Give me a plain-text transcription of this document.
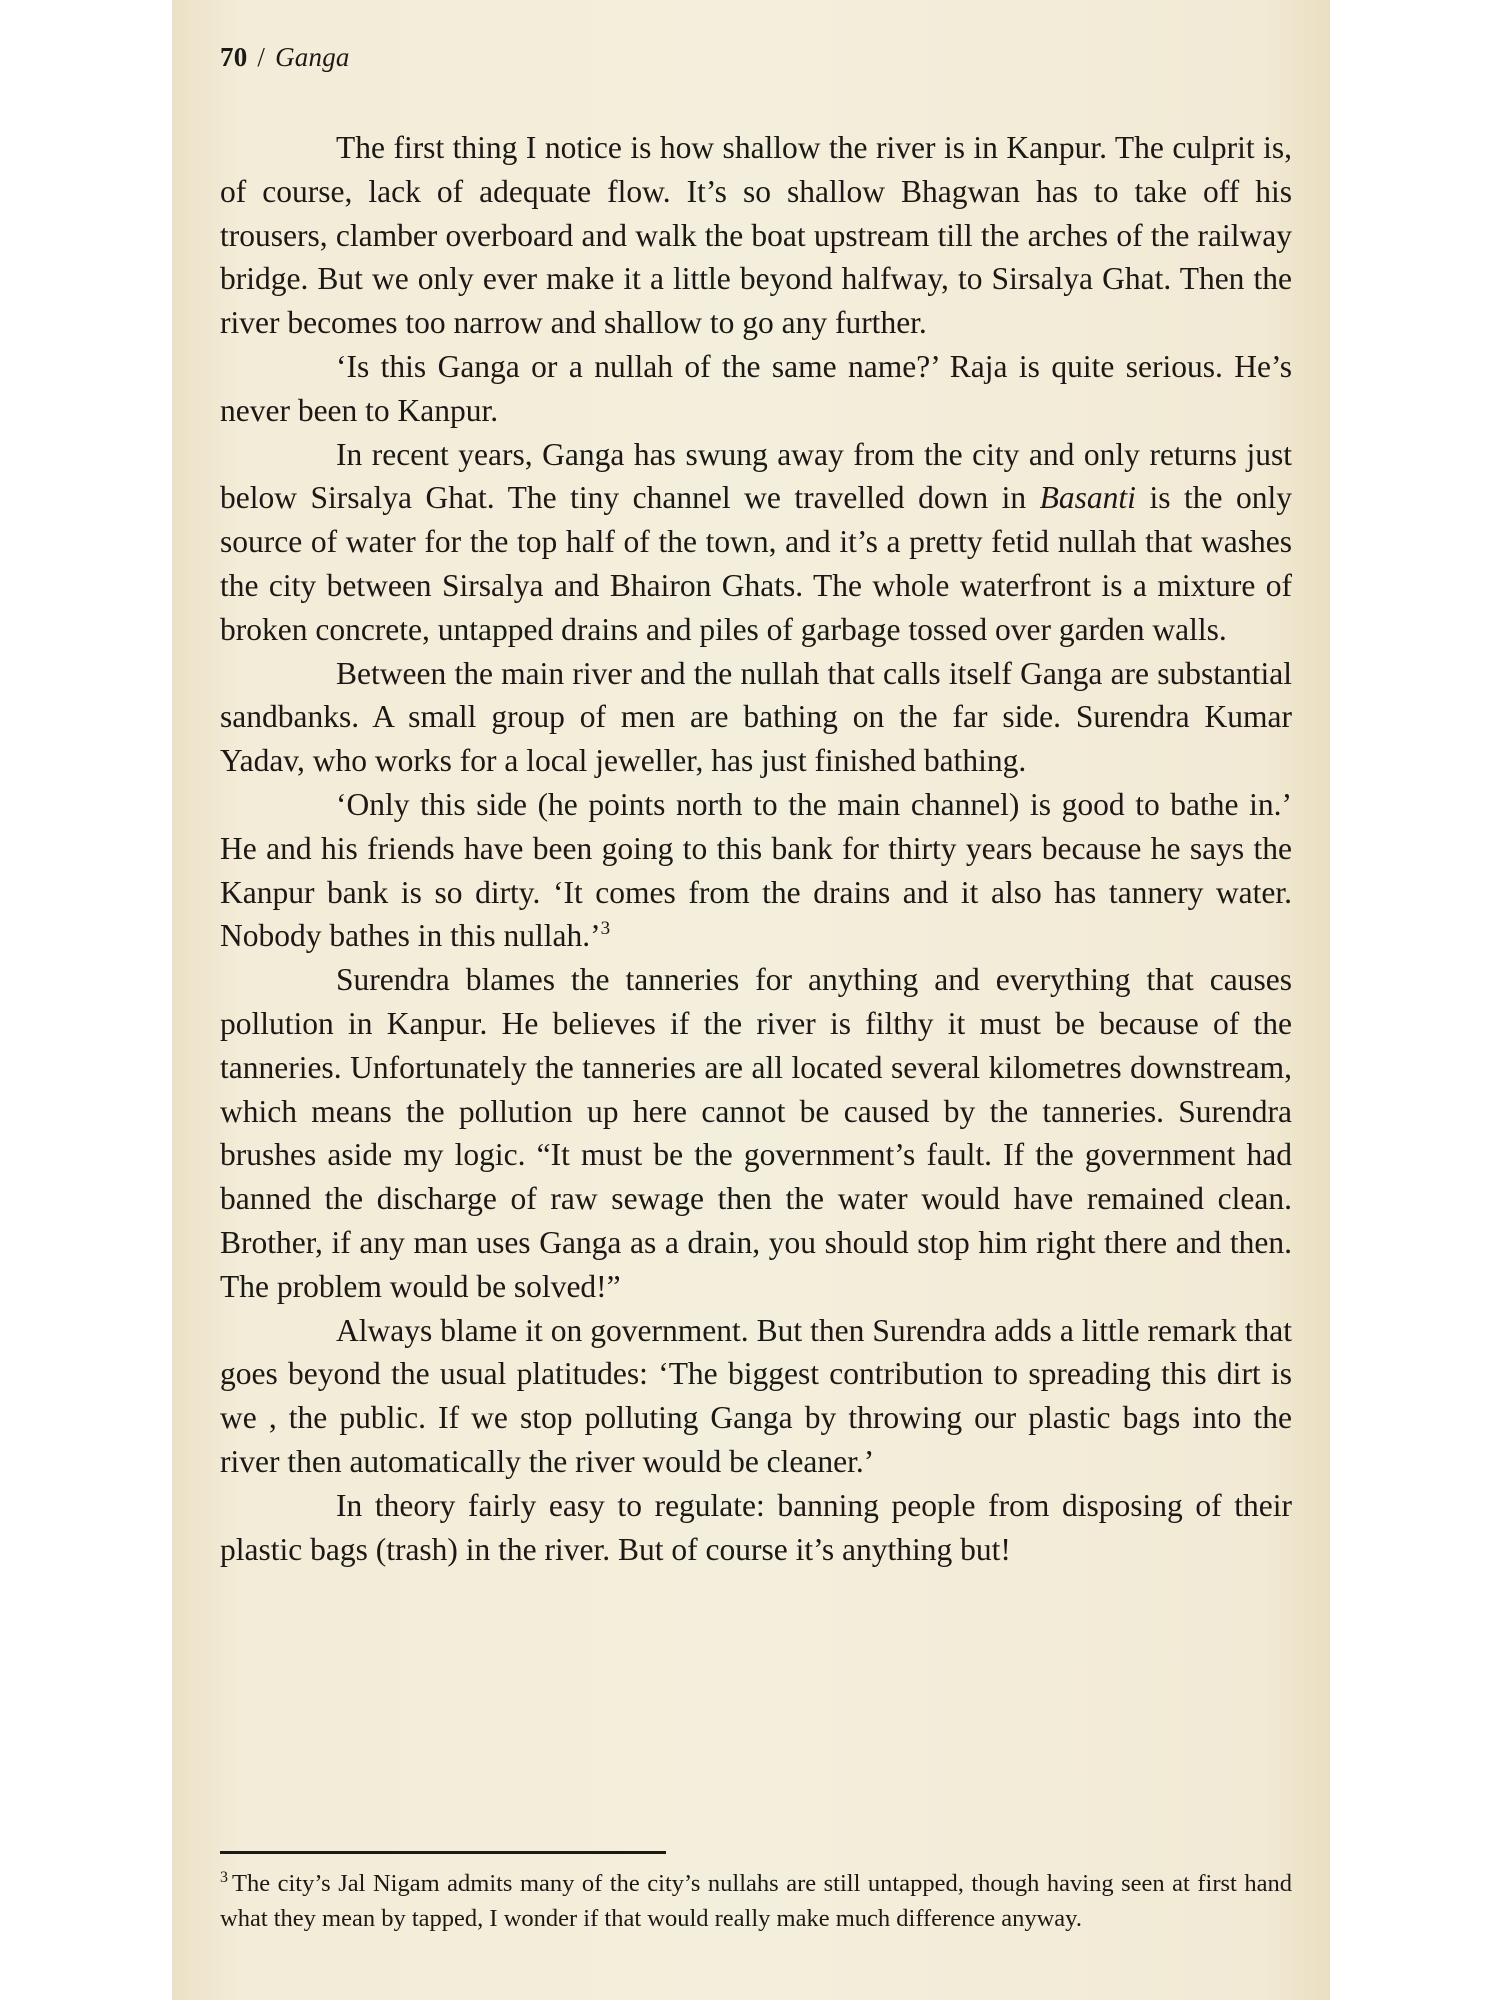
70 / Ganga

The first thing I notice is how shallow the river is in Kanpur. The culprit is, of course, lack of adequate flow. It’s so shallow Bhagwan has to take off his trousers, clamber overboard and walk the boat upstream till the arches of the railway bridge. But we only ever make it a little beyond halfway, to Sirsalya Ghat. Then the river becomes too narrow and shallow to go any further.

‘Is this Ganga or a nullah of the same name?’ Raja is quite serious. He’s never been to Kanpur.

In recent years, Ganga has swung away from the city and only returns just below Sirsalya Ghat. The tiny channel we travelled down in Basanti is the only source of water for the top half of the town, and it’s a pretty fetid nullah that washes the city between Sirsalya and Bhairon Ghats. The whole waterfront is a mixture of broken concrete, untapped drains and piles of garbage tossed over garden walls.

Between the main river and the nullah that calls itself Ganga are substantial sandbanks. A small group of men are bathing on the far side. Surendra Kumar Yadav, who works for a local jeweller, has just finished bathing.

‘Only this side (he points north to the main channel) is good to bathe in.’ He and his friends have been going to this bank for thirty years because he says the Kanpur bank is so dirty. ‘It comes from the drains and it also has tannery water. Nobody bathes in this nullah.’$^3$

Surendra blames the tanneries for anything and everything that causes pollution in Kanpur. He believes if the river is filthy it must be because of the tanneries. Unfortunately the tanneries are all located several kilometres downstream, which means the pollution up here cannot be caused by the tanneries. Surendra brushes aside my logic. “It must be the government’s fault. If the government had banned the discharge of raw sewage then the water would have remained clean. Brother, if any man uses Ganga as a drain, you should stop him right there and then. The problem would be solved!”

Always blame it on government. But then Surendra adds a little remark that goes beyond the usual platitudes: ‘The biggest contribution to spreading this dirt is we , the public. If we stop polluting Ganga by throwing our plastic bags into the river then automatically the river would be cleaner.’

In theory fairly easy to regulate: banning people from disposing of their plastic bags (trash) in the river. But of course it’s anything but!

$^3$ The city’s Jal Nigam admits many of the city’s nullahs are still untapped, though having seen at first hand what they mean by tapped, I wonder if that would really make much difference anyway.
